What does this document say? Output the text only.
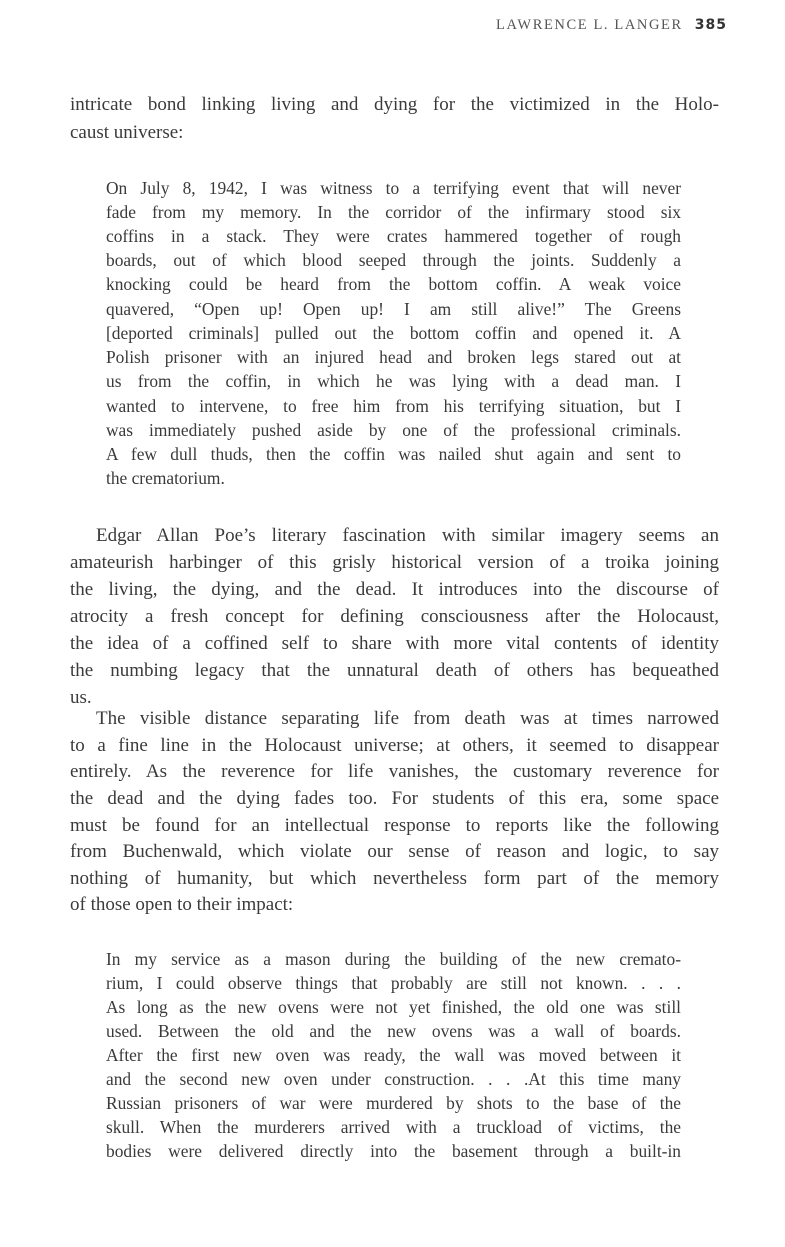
LAWRENCE L. LANGER 385
intricate bond linking living and dying for the victimized in the Holo-
caust universe:
On July 8, 1942, I was witness to a terrifying event that will never
fade from my memory. In the corridor of the infirmary stood six
coffins in a stack. They were crates hammered together of rough
boards, out of which blood seeped through the joints. Suddenly a
knocking could be heard from the bottom coffin. A weak voice
quavered, “Open up! Open up! I am still alive!” The Greens
[deported criminals] pulled out the bottom coffin and opened it. A
Polish prisoner with an injured head and broken legs stared out at
us from the coffin, in which he was lying with a dead man. I
wanted to intervene, to free him from his terrifying situation, but I
was immediately pushed aside by one of the professional criminals.
A few dull thuds, then the coffin was nailed shut again and sent to
the crematorium.
Edgar Allan Poe’s literary fascination with similar imagery seems an
amateurish harbinger of this grisly historical version of a troika joining
the living, the dying, and the dead. It introduces into the discourse of
atrocity a fresh concept for defining consciousness after the Holocaust,
the idea of a coffined self to share with more vital contents of identity
the numbing legacy that the unnatural death of others has bequeathed
us.
The visible distance separating life from death was at times narrowed
to a fine line in the Holocaust universe; at others, it seemed to disappear
entirely. As the reverence for life vanishes, the customary reverence for
the dead and the dying fades too. For students of this era, some space
must be found for an intellectual response to reports like the following
from Buchenwald, which violate our sense of reason and logic, to say
nothing of humanity, but which nevertheless form part of the memory
of those open to their impact:
In my service as a mason during the building of the new cremato-
rium, I could observe things that probably are still not known. . . .
As long as the new ovens were not yet finished, the old one was still
used. Between the old and the new ovens was a wall of boards.
After the first new oven was ready, the wall was moved between it
and the second new oven under construction. . . .At this time many
Russian prisoners of war were murdered by shots to the base of the
skull. When the murderers arrived with a truckload of victims, the
bodies were delivered directly into the basement through a built-in
